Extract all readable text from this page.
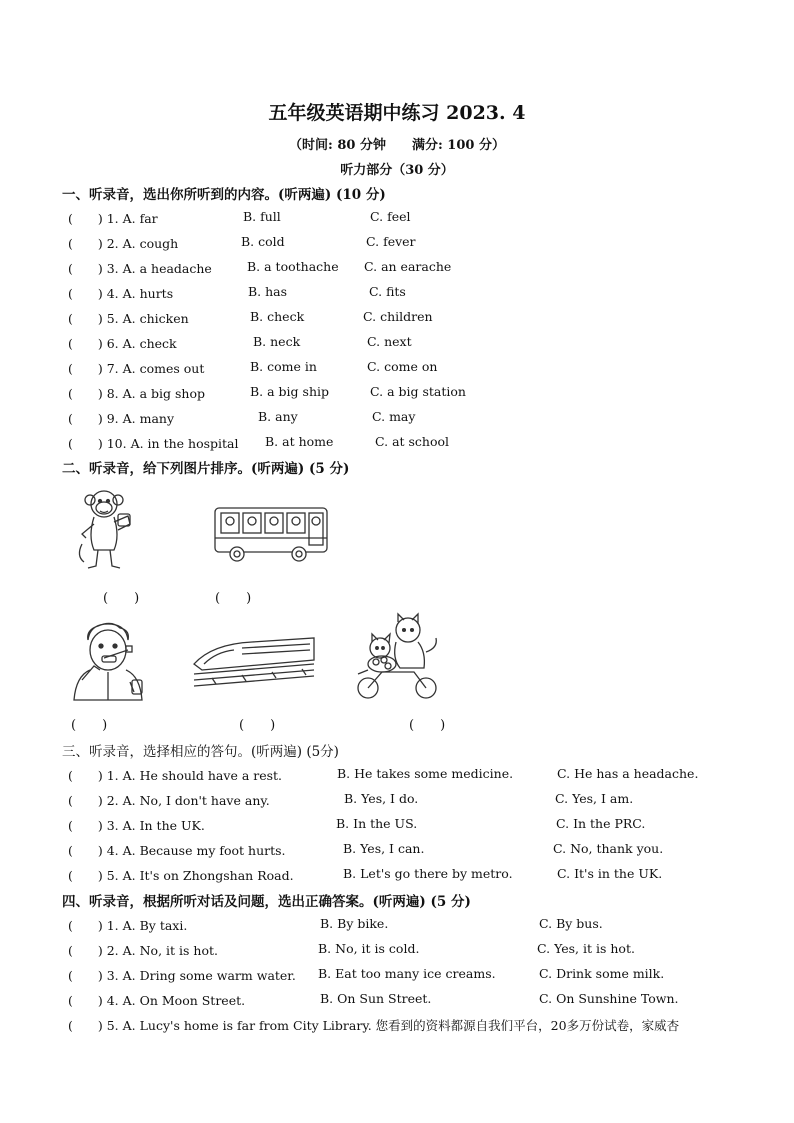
五年级英语期中练习 2023. 4
（时间: 80 分钟　　满分: 100 分）
听力部分（30 分）
一、听录音，选出你所听到的内容。(听两遍) (10 分)
(　　) 1. A. far	B. full	C. feel
(　　) 2. A. cough	B. cold	C. fever
(　　) 3. A. a headache	B. a toothache C. an earache
(　　) 4. A. hurts	B. has	C. fits
(　　) 5. A. chicken	B. check	C. children
(　　) 6. A. check	B. neck	C. next
(　　) 7. A. comes out	B. come in	C. come on
(　　) 8. A. a big shop	B. a big ship	C. a big station
(　　) 9. A. many	B. any	C. may
(　　) 10. A. in the hospital B. at home	C. at school
二、听录音，给下列图片排序。(听两遍) (5 分)
(　　)	(　　)
(　　)	(　　)	(　　)
三、听录音，选择相应的答句。(听两遍) (5分)
(　　) 1. A. He should have a rest.	B. He takes some medicine.	C. He has a headache.
(　　) 2. A. No, I don't have any.	B. Yes, I do.	C. Yes, I am.
(　　) 3. A. In the UK.	B. In the US.	C. In the PRC.
(　　) 4. A. Because my foot hurts.	B. Yes, I can.	C. No, thank you.
(　　) 5. A. It's on Zhongshan Road.	B. Let's go there by metro.	C. It's in the UK.
四、听录音，根据所听对话及问题，选出正确答案。(听两遍) (5 分)
(　　) 1. A. By taxi.	B. By bike.	C. By bus.
(　　) 2. A. No, it is hot.	B. No, it is cold.	C. Yes, it is hot.
(　　) 3. A. Dring some warm water. B. Eat too many ice creams.	C. Drink some milk.
(　　) 4. A. On Moon Street.	B. On Sun Street.	C. On Sunshine Town.
(　　) 5. A. Lucy's home is far from City Library. 您看到的资料都源自我们平台，20多万份试卷，家威杏
